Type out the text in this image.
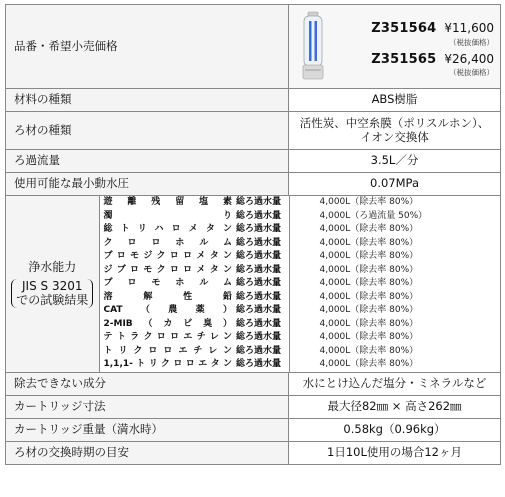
品番・希望小売価格	
Z351564 ¥11,600
（税抜価格）
Z351565 ¥26,400
（税抜価格）

材料の種類	ABS樹脂
ろ材の種類	活性炭、中空糸膜（ポリスルホン）、
イオン交換体

ろ過流量	3.5L／分
使用可能な最小動水圧	0.07MPa

浄水能力
JIS S 3201
での試験結果
	遊離残留塩素	総ろ過水量	4,000L（除去率 80%）
濁り	総ろ過水量	4,000L（ろ過流量 50%）
総トリハロメタン	総ろ過水量	4,000L（除去率 80%）
クロロホルム	総ろ過水量	4,000L（除去率 80%）
ブロモジクロロメタン	総ろ過水量	4,000L（除去率 80%）
ジブロモクロロメタン	総ろ過水量	4,000L（除去率 80%）
ブロモホルム	総ろ過水量	4,000L（除去率 80%）
溶解性鉛	総ろ過水量	4,000L（除去率 80%）
CAT（農薬）	総ろ過水量	4,000L（除去率 80%）
2-MIB（カビ臭）	総ろ過水量	4,000L（除去率 80%）
テトラクロロエチレン	総ろ過水量	4,000L（除去率 80%）
トリクロロエチレン	総ろ過水量	4,000L（除去率 80%）
1,1,1-トリクロロエタン	総ろ過水量	4,000L（除去率 80%）

除去できない成分	水にとけ込んだ塩分・ミネラルなど
カートリッジ寸法	最大径82㎜ × 高さ262㎜
カートリッジ重量（満水時）	0.58kg（0.96kg）
ろ材の交換時期の目安	1日10L使用の場合12ヶ月
